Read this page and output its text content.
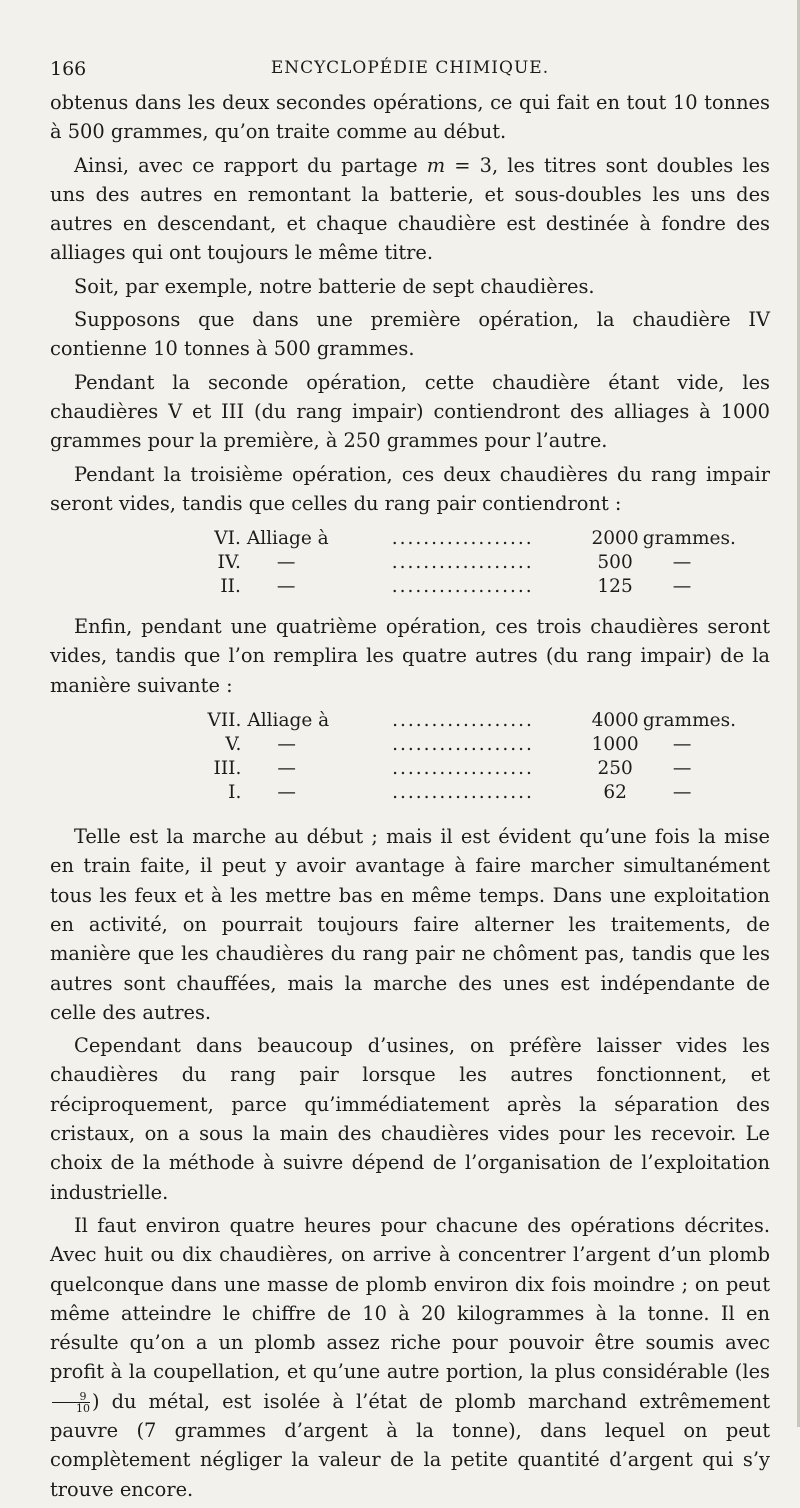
166	ENCYCLOPÉDIE CHIMIQUE.

obtenus dans les deux secondes opérations, ce qui fait en tout 10 tonnes à 500 grammes, qu’on traite comme au début.

Ainsi, avec ce rapport du partage m = 3, les titres sont doubles les uns des autres en remontant la batterie, et sous-doubles les uns des autres en descendant, et chaque chaudière est destinée à fondre des alliages qui ont toujours le même titre.

Soit, par exemple, notre batterie de sept chaudières.

Supposons que dans une première opération, la chaudière IV contienne 10 tonnes à 500 grammes.

Pendant la seconde opération, cette chaudière étant vide, les chaudières V et III (du rang impair) contiendront des alliages à 1000 grammes pour la première, à 250 grammes pour l’autre.

Pendant la troisième opération, ces deux chaudières du rang impair seront vides, tandis que celles du rang pair contiendront :

VI.	Alliage à	..................	2000	grammes.
IV.	—	..................	500	—
II.	—	..................	125	—

Enfin, pendant une quatrième opération, ces trois chaudières seront vides, tandis que l’on remplira les quatre autres (du rang impair) de la manière suivante :

VII.	Alliage à	..................	4000	grammes.
V.	—	..................	1000	—
III.	—	..................	250	—
I.	—	..................	62	—

Telle est la marche au début ; mais il est évident qu’une fois la mise en train faite, il peut y avoir avantage à faire marcher simultanément tous les feux et à les mettre bas en même temps. Dans une exploitation en activité, on pourrait toujours faire alterner les traitements, de manière que les chaudières du rang pair ne chôment pas, tandis que les autres sont chauffées, mais la marche des unes est indépendante de celle des autres.

Cependant dans beaucoup d’usines, on préfère laisser vides les chaudières du rang pair lorsque les autres fonctionnent, et réciproquement, parce qu’immédiatement après la séparation des cristaux, on a sous la main des chaudières vides pour les recevoir. Le choix de la méthode à suivre dépend de l’organisation de l’exploitation industrielle.

Il faut environ quatre heures pour chacune des opérations décrites. Avec huit ou dix chaudières, on arrive à concentrer l’argent d’un plomb quelconque dans une masse de plomb environ dix fois moindre ; on peut même atteindre le chiffre de 10 à 20 kilogrammes à la tonne. Il en résulte qu’on a un plomb assez riche pour pouvoir être soumis avec profit à la coupellation, et qu’une autre portion, la plus considérable (les
$\frac{9}{10}$ ) du métal, est isolée à l’état de plomb marchand extrêmement pauvre (7 grammes d’argent à la tonne), dans lequel on peut complètement négliger la valeur de la petite quantité d’argent qui s’y trouve encore.
